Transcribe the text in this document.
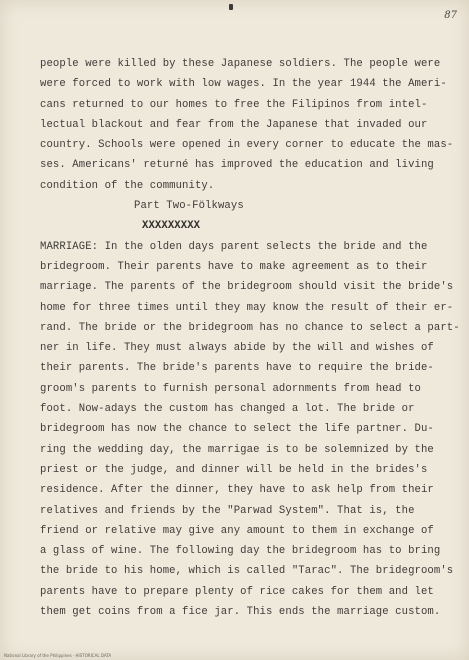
87
people were killed by these Japanese soldiers. The people were
were forced to work with low wages. In the year 1944 the Ameri-
cans returned to our homes to free the Filipinos from intel-
lectual blackout and fear from the Japanese that invaded our
country. Schools were opened in every corner to educate the mas-
ses. Americans' returné has improved the education and living
condition of the community.
Part Two-Fölkways
XXXXXXXXX
MARRIAGE: In the olden days parent selects the bride and the
bridegroom. Their parents have to make agreement as to their
marriage. The parents of the bridegroom should visit the bride's
home for three times until they may know the result of their er-
rand. The bride or the bridegroom has no chance to select a part-
ner in life. They must always abide by the will and wishes of
their parents. The bride's parents have to require the bride-
groom's parents to furnish personal adornments from head to
foot. Now-adays the custom has changed a lot. The bride or
bridegroom has now the chance to select the life partner. Du-
ring the wedding day, the marrigae is to be solemnized by the
priest or the judge, and dinner will be held in the brides's
residence. After the dinner, they have to ask help from their
relatives and friends by the "Parwad System". That is, the
friend or relative may give any amount to them in exchange of
a glass of wine. The following day the bridegroom has to bring
the bride to his home, which is called "Tarac". The bridegroom's
parents have to prepare plenty of rice cakes for them and let
them get coins from a fice jar. This ends the marriage custom.
National Library of the Philippines · HISTORICAL DATA
